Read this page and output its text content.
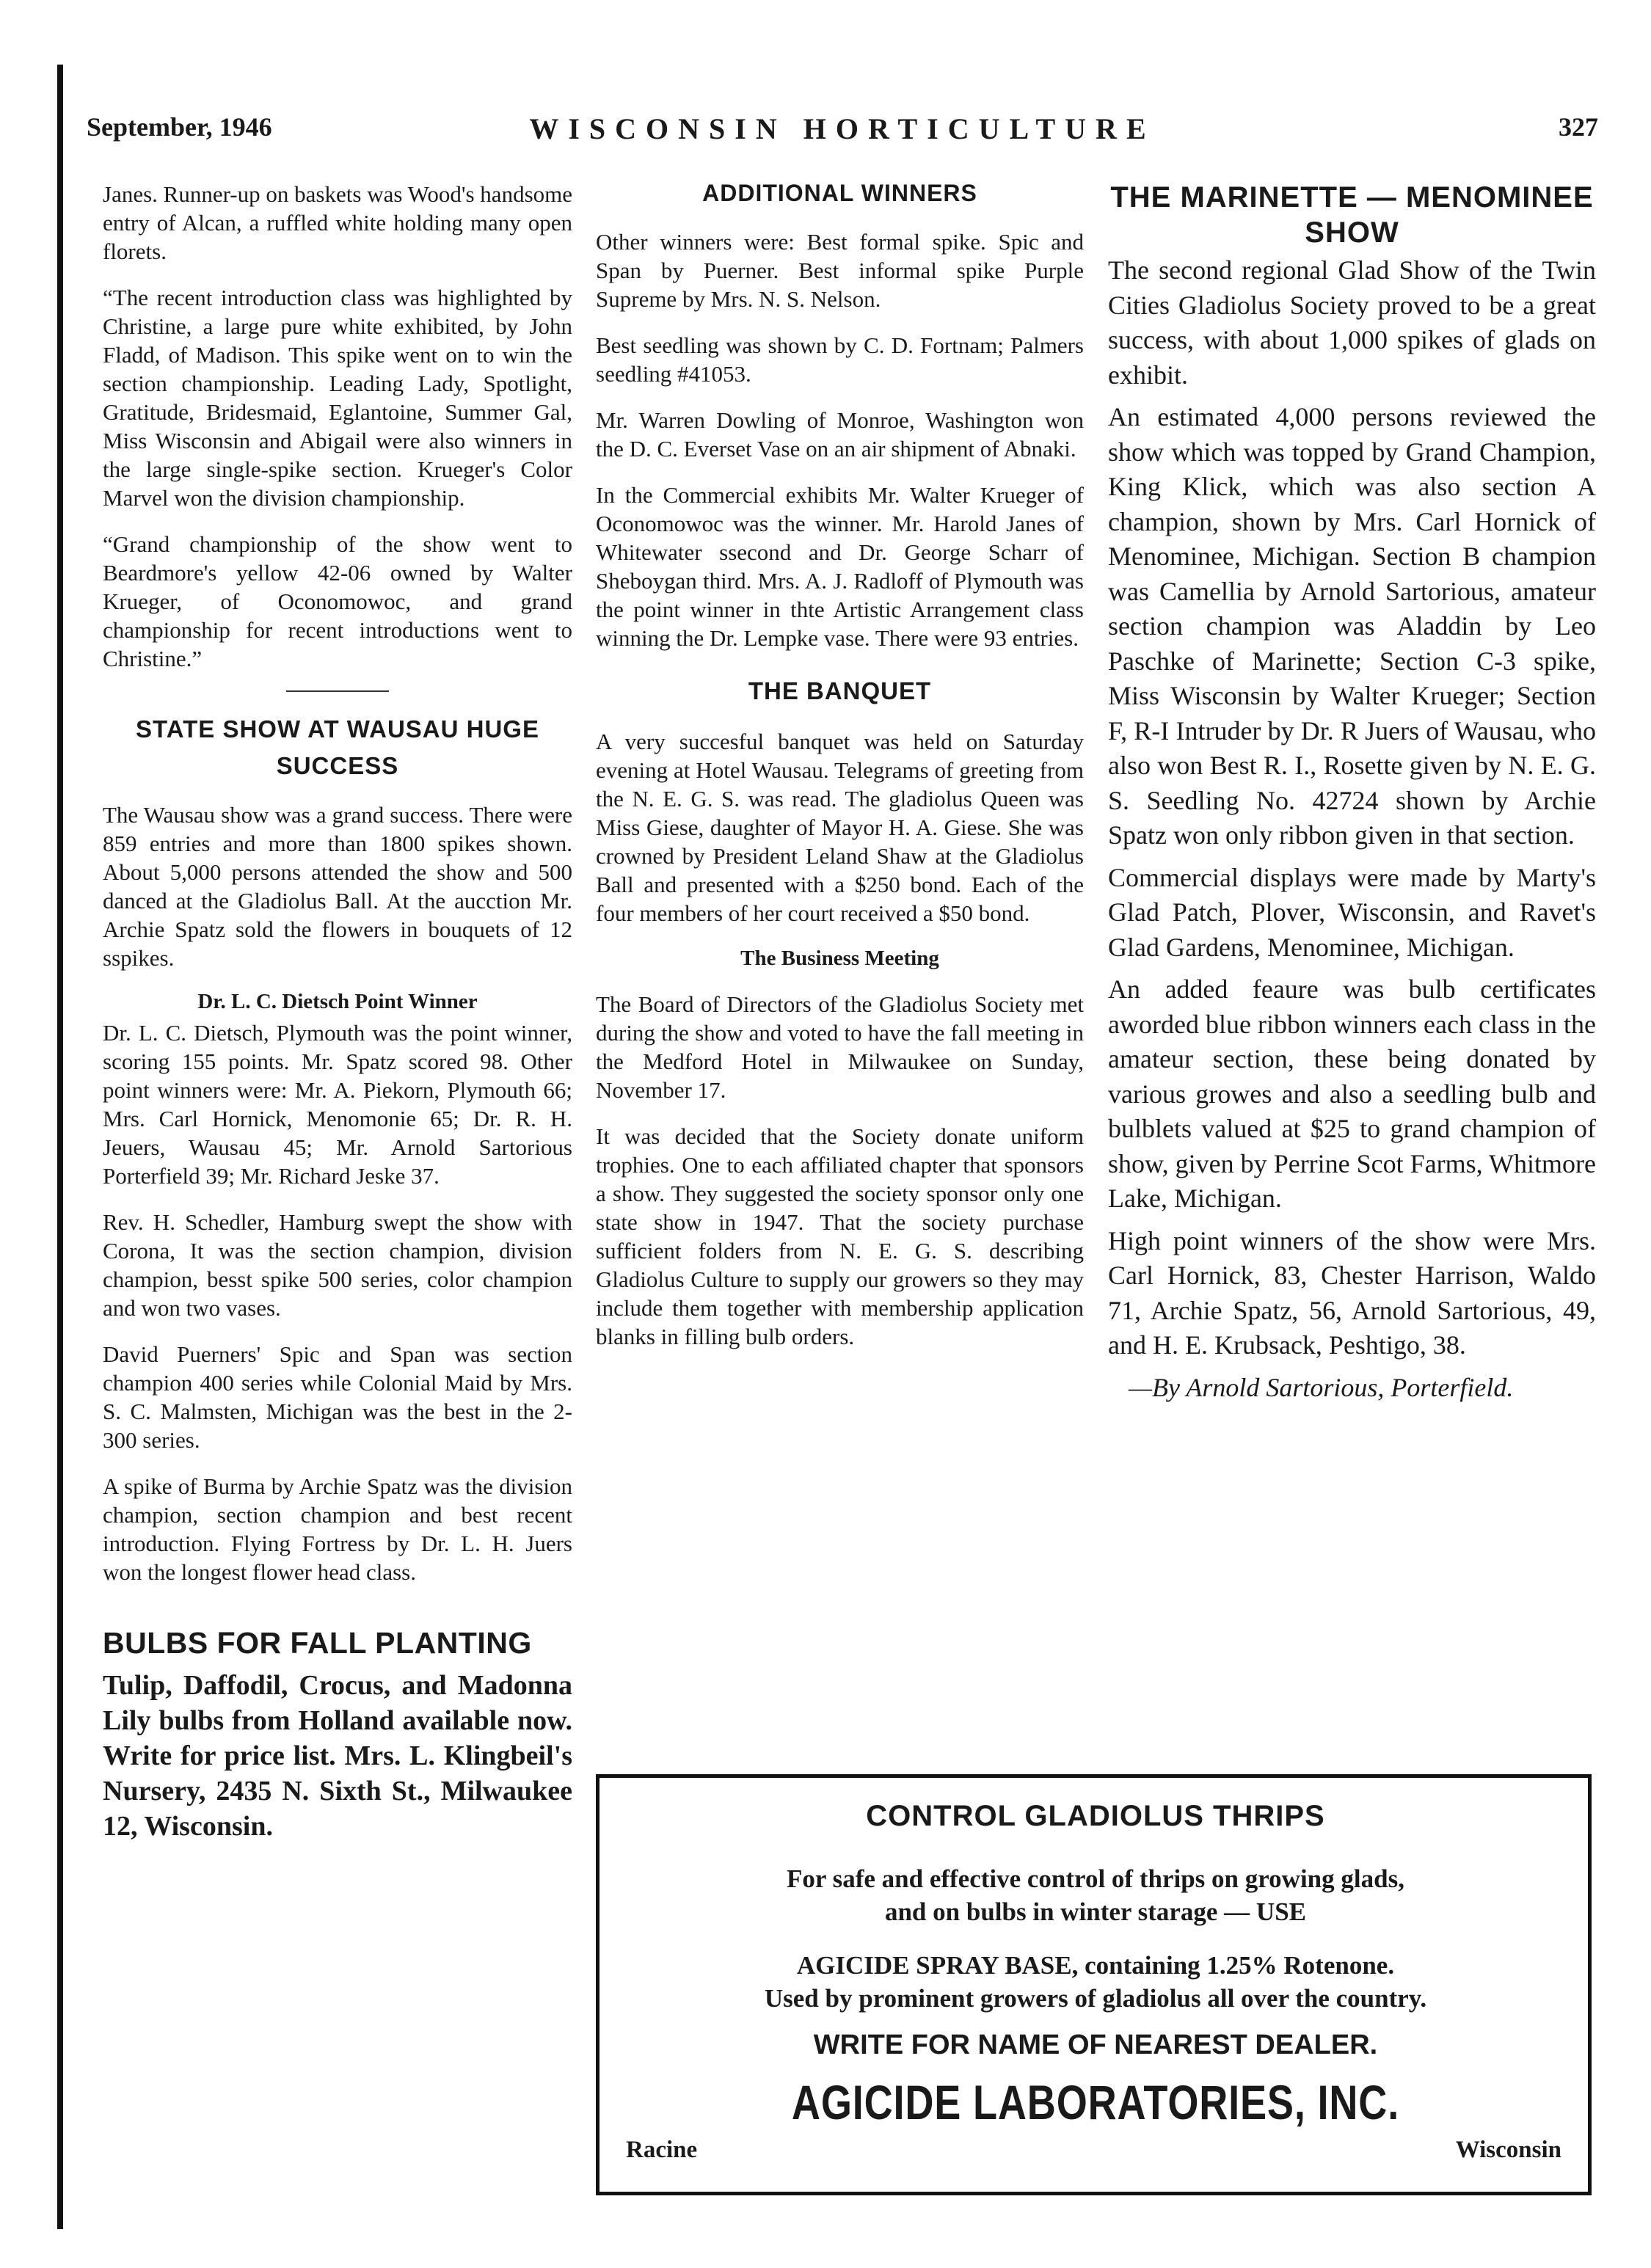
September, 1946	WISCONSIN HORTICULTURE	327

Janes. Runner-up on baskets was Wood's handsome entry of Alcan, a ruffled white holding many open florets.

“The recent introduction class was highlighted by Christine, a large pure white exhibited, by John Fladd, of Madison. This spike went on to win the section championship. Leading Lady, Spotlight, Gratitude, Bridesmaid, Eglantoine, Summer Gal, Miss Wisconsin and Abigail were also winners in the large single-spike section. Krueger's Color Marvel won the division championship.

“Grand championship of the show went to Beardmore's yellow 42-06 owned by Walter Krueger, of Oconomowoc, and grand championship for recent introductions went to Christine.”

STATE SHOW AT WAUSAU HUGE SUCCESS

The Wausau show was a grand success. There were 859 entries and more than 1800 spikes shown. About 5,000 persons attended the show and 500 danced at the Gladiolus Ball. At the aucction Mr. Archie Spatz sold the flowers in bouquets of 12 sspikes.

Dr. L. C. Dietsch Point Winner

Dr. L. C. Dietsch, Plymouth was the point winner, scoring 155 points. Mr. Spatz scored 98. Other point winners were: Mr. A. Piekorn, Plymouth 66; Mrs. Carl Hornick, Menomonie 65; Dr. R. H. Jeuers, Wausau 45; Mr. Arnold Sartorious Porterfield 39; Mr. Richard Jeske 37.

Rev. H. Schedler, Hamburg swept the show with Corona, It was the section champion, division champion, besst spike 500 series, color champion and won two vases.

David Puerners' Spic and Span was section champion 400 series while Colonial Maid by Mrs. S. C. Malmsten, Michigan was the best in the 2-300 series.

A spike of Burma by Archie Spatz was the division champion, section champion and best recent introduction. Flying Fortress by Dr. L. H. Juers won the longest flower head class.

BULBS FOR FALL PLANTING

Tulip, Daffodil, Crocus, and Madonna Lily bulbs from Holland available now. Write for price list. Mrs. L. Klingbeil's Nursery, 2435 N. Sixth St., Milwaukee 12, Wisconsin.

ADDITIONAL WINNERS

Other winners were: Best formal spike. Spic and Span by Puerner. Best informal spike Purple Supreme by Mrs. N. S. Nelson.

Best seedling was shown by C. D. Fortnam; Palmers seedling #41053.

Mr. Warren Dowling of Monroe, Washington won the D. C. Everset Vase on an air shipment of Abnaki.

In the Commercial exhibits Mr. Walter Krueger of Oconomowoc was the winner. Mr. Harold Janes of Whitewater ssecond and Dr. George Scharr of Sheboygan third. Mrs. A. J. Radloff of Plymouth was the point winner in thte Artistic Arrangement class winning the Dr. Lempke vase. There were 93 entries.

THE BANQUET

A very succesful banquet was held on Saturday evening at Hotel Wausau. Telegrams of greeting from the N. E. G. S. was read. The gladiolus Queen was Miss Giese, daughter of Mayor H. A. Giese. She was crowned by President Leland Shaw at the Gladiolus Ball and presented with a $250 bond. Each of the four members of her court received a $50 bond.

The Business Meeting

The Board of Directors of the Gladiolus Society met during the show and voted to have the fall meeting in the Medford Hotel in Milwaukee on Sunday, November 17.

It was decided that the Society donate uniform trophies. One to each affiliated chapter that sponsors a show. They suggested the society sponsor only one state show in 1947. That the society purchase sufficient folders from N. E. G. S. describing Gladiolus Culture to supply our growers so they may include them together with membership application blanks in filling bulb orders.

THE MARINETTE — MENOMINEE SHOW

The second regional Glad Show of the Twin Cities Gladiolus Society proved to be a great success, with about 1,000 spikes of glads on exhibit.

An estimated 4,000 persons reviewed the show which was topped by Grand Champion, King Klick, which was also section A champion, shown by Mrs. Carl Hornick of Menominee, Michigan. Section B champion was Camellia by Arnold Sartorious, amateur section champion was Aladdin by Leo Paschke of Marinette; Section C-3 spike, Miss Wisconsin by Walter Krueger; Section F, R-I Intruder by Dr. R Juers of Wausau, who also won Best R. I., Rosette given by N. E. G. S. Seedling No. 42724 shown by Archie Spatz won only ribbon given in that section.

Commercial displays were made by Marty's Glad Patch, Plover, Wisconsin, and Ravet's Glad Gardens, Menominee, Michigan.

An added feaure was bulb certificates aworded blue ribbon winners each class in the amateur section, these being donated by various growes and also a seedling bulb and bulblets valued at $25 to grand champion of show, given by Perrine Scot Farms, Whitmore Lake, Michigan.

High point winners of the show were Mrs. Carl Hornick, 83, Chester Harrison, Waldo 71, Archie Spatz, 56, Arnold Sartorious, 49, and H. E. Krubsack, Peshtigo, 38.

—By Arnold Sartorious, Porterfield.

CONTROL GLADIOLUS THRIPS

For safe and effective control of thrips on growing glads,

and on bulbs in winter starage — USE

AGICIDE SPRAY BASE, containing 1.25% Rotenone.

Used by prominent growers of gladiolus all over the country.

WRITE FOR NAME OF NEAREST DEALER.
AGICIDE LABORATORIES, INC.
Racine	Wisconsin
